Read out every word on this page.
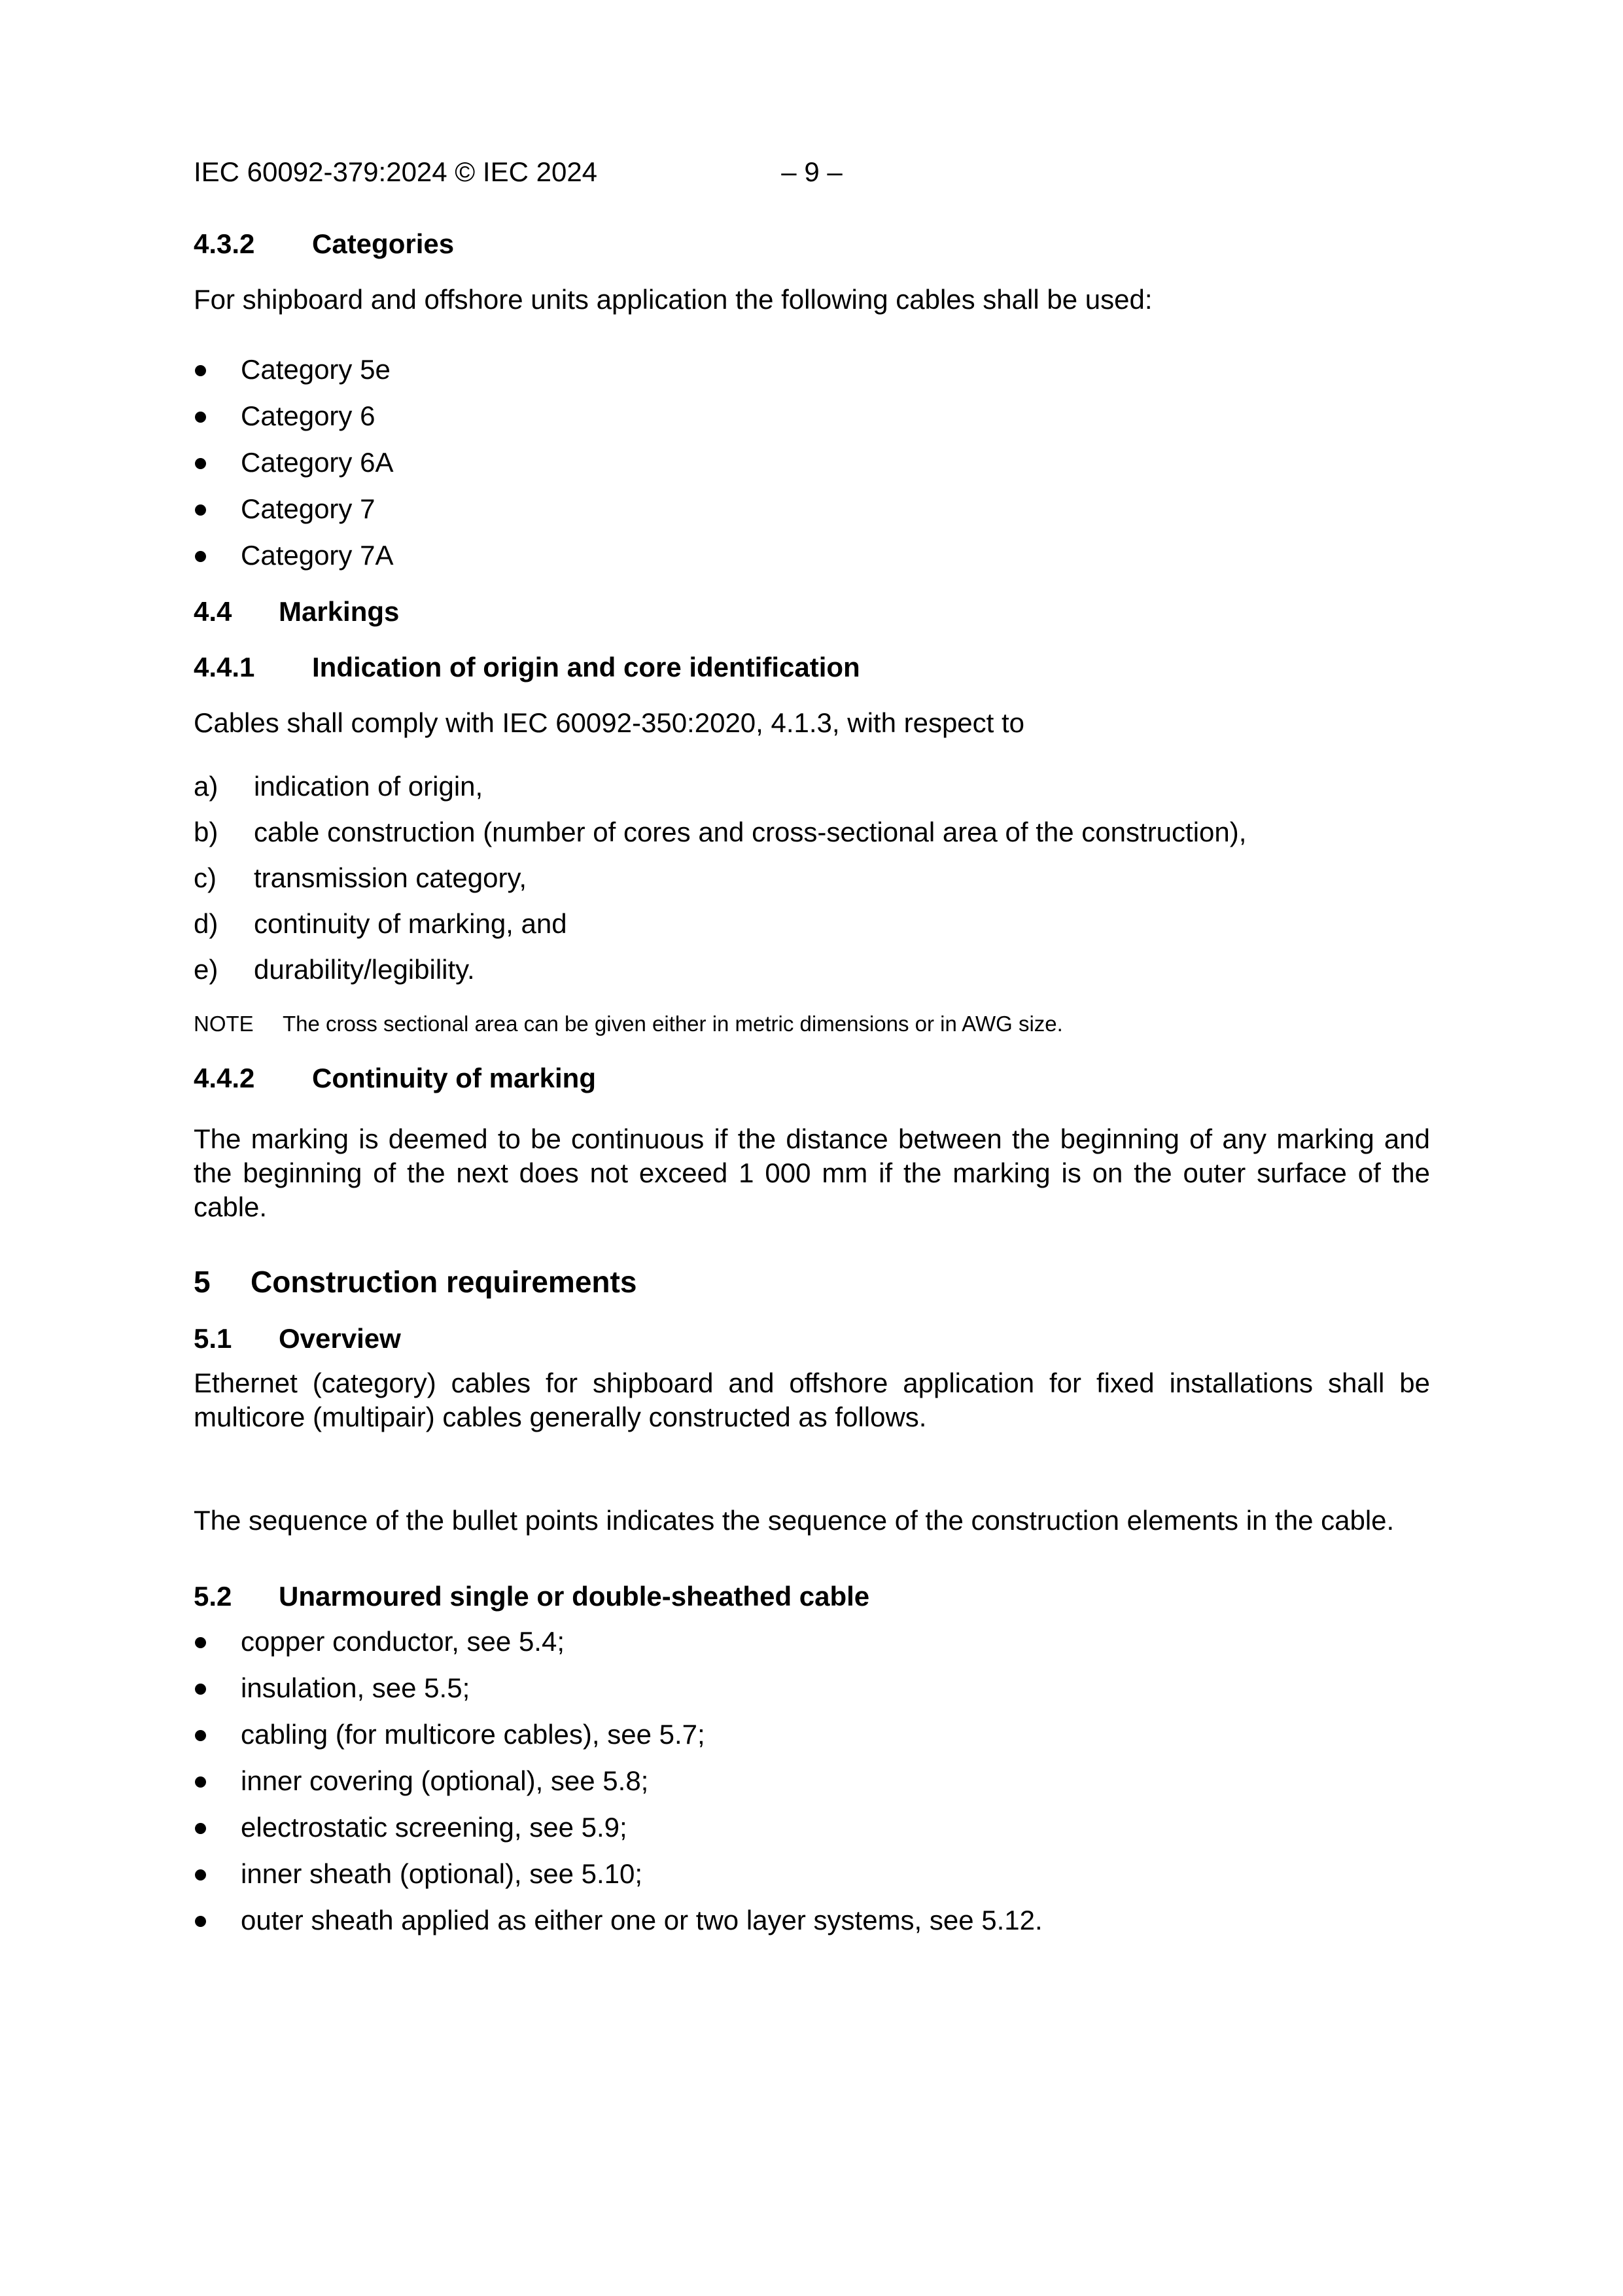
IEC 60092-379:2024 © IEC 2024	– 9 –
4.3.2 Categories
For shipboard and offshore units application the following cables shall be used:
Category 5e
Category 6
Category 6A
Category 7
Category 7A
4.4 Markings
4.4.1 Indication of origin and core identification
Cables shall comply with IEC 60092-350:2020, 4.1.3, with respect to
a) indication of origin,
b) cable construction (number of cores and cross-sectional area of the construction),
c) transmission category,
d) continuity of marking, and
e) durability/legibility.
NOTE The cross sectional area can be given either in metric dimensions or in AWG size.
4.4.2 Continuity of marking
The marking is deemed to be continuous if the distance between the beginning of any marking and the beginning of the next does not exceed 1 000 mm if the marking is on the outer surface of the cable.
5 Construction requirements
5.1 Overview
Ethernet (category) cables for shipboard and offshore application for fixed installations shall be multicore (multipair) cables generally constructed as follows.
The sequence of the bullet points indicates the sequence of the construction elements in the cable.
5.2 Unarmoured single or double-sheathed cable
copper conductor, see 5.4;
insulation, see 5.5;
cabling (for multicore cables), see 5.7;
inner covering (optional), see 5.8;
electrostatic screening, see 5.9;
inner sheath (optional), see 5.10;
outer sheath applied as either one or two layer systems, see 5.12.
